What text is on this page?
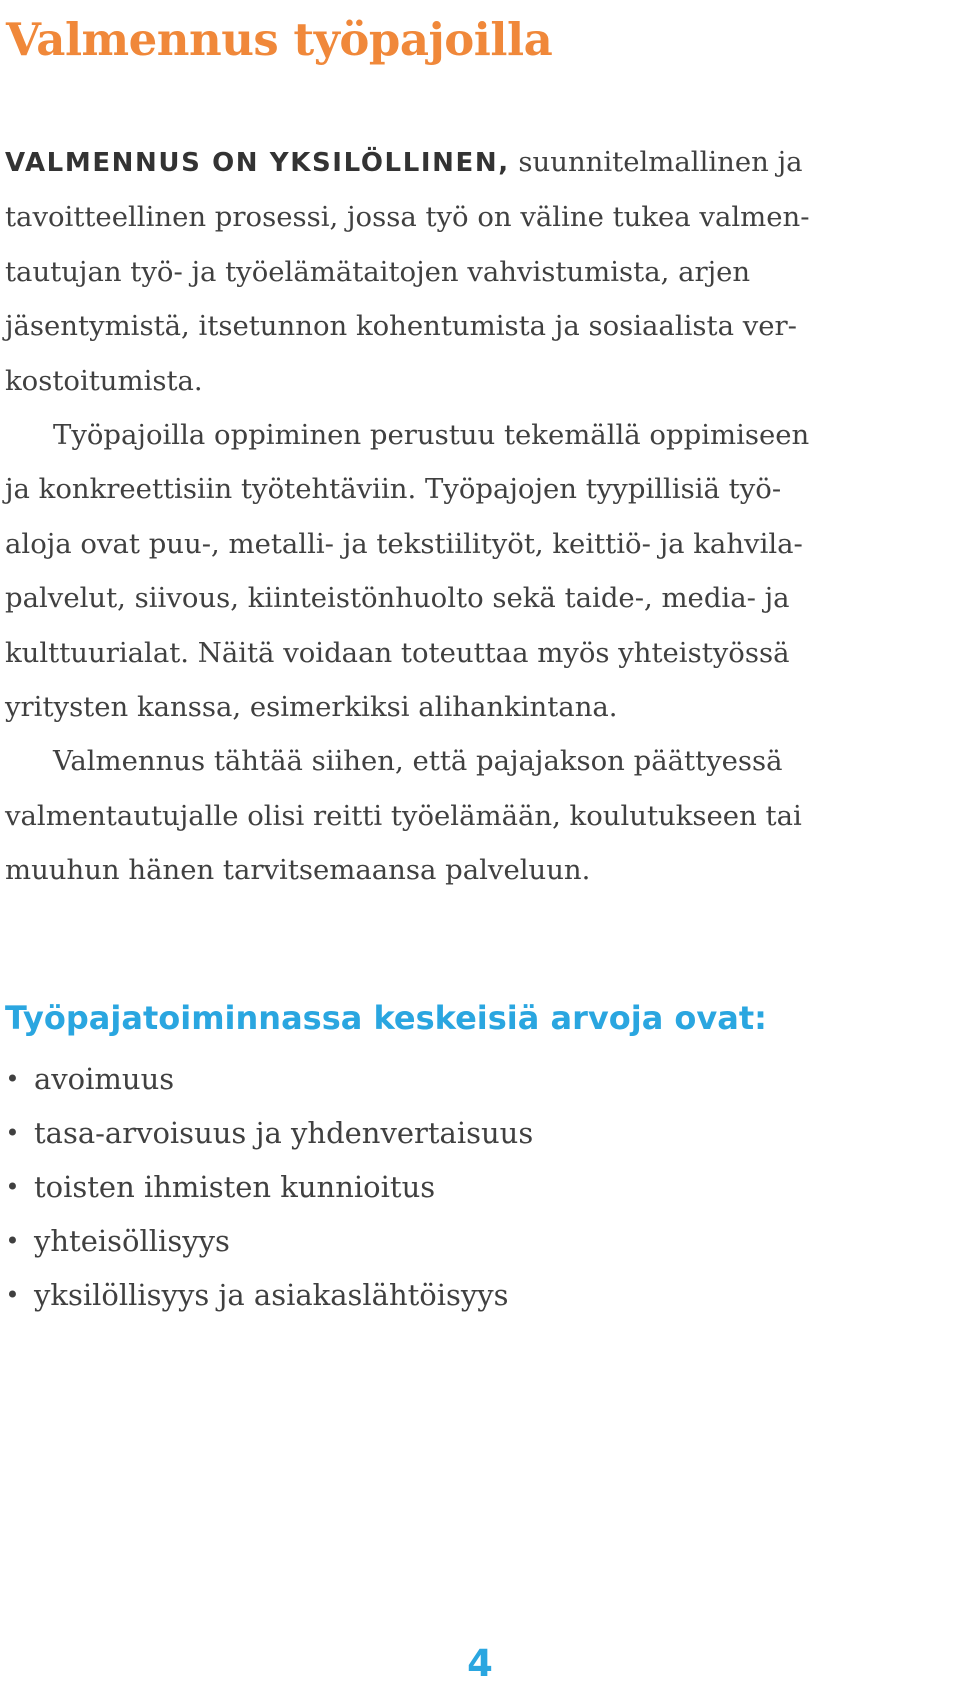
Valmennus työpajoilla
VALMENNUS ON YKSILÖLLINEN, suunnitelmallinen ja
tavoitteellinen prosessi, jossa työ on väline tukea valmen-
tautujan työ- ja työelämätaitojen vahvistumista, arjen
jäsentymistä, itsetunnon kohentumista ja sosiaalista ver-
kostoitumista.
Työpajoilla oppiminen perustuu tekemällä oppimiseen
ja konkreettisiin työtehtäviin. Työpajojen tyypillisiä työ-
aloja ovat puu-, metalli- ja tekstiilityöt, keittiö- ja kahvila-
palvelut, siivous, kiinteistönhuolto sekä taide-, media- ja
kulttuurialat. Näitä voidaan toteuttaa myös yhteistyössä
yritysten kanssa, esimerkiksi alihankintana.
Valmennus tähtää siihen, että pajajakson päättyessä
valmentautujalle olisi reitti työelämään, koulutukseen tai
muuhun hänen tarvitsemaansa palveluun.
Työpajatoiminnassa keskeisiä arvoja ovat:
• avoimuus
• tasa-arvoisuus ja yhdenvertaisuus
• toisten ihmisten kunnioitus
• yhteisöllisyys
• yksilöllisyys ja asiakaslähtöisyys
4
